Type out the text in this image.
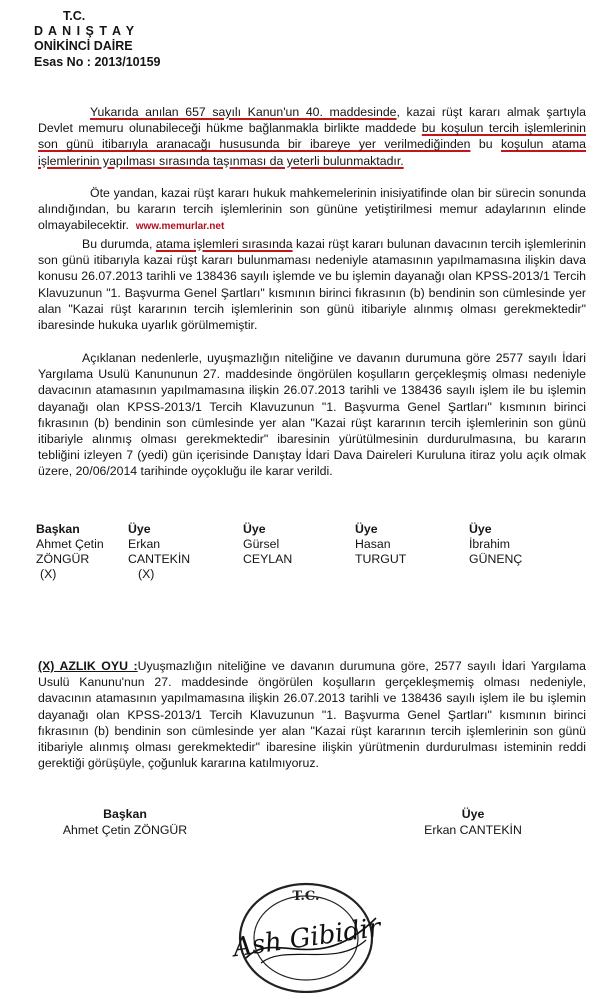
T.C.
D A N I Ş T A Y
ONİKİNCİ DAİRE
Esas No : 2013/10159

Yukarıda anılan 657 sayılı Kanun'un 40. maddesinde, kazai rüşt kararı almak şartıyla Devlet memuru olunabileceği hükme bağlanmakla birlikte maddede bu koşulun tercih işlemlerinin son günü itibarıyla aranacağı hususunda bir ibareye yer verilmediğinden bu koşulun atama işlemlerinin yapılması sırasında taşınması da yeterli bulunmaktadır.

Öte yandan, kazai rüşt kararı hukuk mahkemelerinin inisiyatifinde olan bir sürecin sonunda alındığından, bu kararın tercih işlemlerinin son gününe yetiştirilmesi memur adaylarının elinde olmayabilecektir. www.memurlar.net

Bu durumda, atama işlemleri sırasında kazai rüşt kararı bulunan davacının tercih işlemlerinin son günü itibarıyla kazai rüşt kararı bulunmaması nedeniyle atamasının yapılmamasına ilişkin dava konusu 26.07.2013 tarihli ve 138436 sayılı işlemde ve bu işlemin dayanağı olan KPSS-2013/1 Tercih Klavuzunun "1. Başvurma Genel Şartları" kısmının birinci fıkrasının (b) bendinin son cümlesinde yer alan "Kazai rüşt kararının tercih işlemlerinin son günü itibariyle alınmış olması gerekmektedir" ibaresinde hukuka uyarlık görülmemiştir.

Açıklanan nedenlerle, uyuşmazlığın niteliğine ve davanın durumuna göre 2577 sayılı İdari Yargılama Usulü Kanununun 27. maddesinde öngörülen koşulların gerçekleşmiş olması nedeniyle davacının atamasının yapılmamasına ilişkin 26.07.2013 tarihli ve 138436 sayılı işlem ile bu işlemin dayanağı olan KPSS-2013/1 Tercih Klavuzunun "1. Başvurma Genel Şartları" kısmının birinci fıkrasının (b) bendinin son cümlesinde yer alan "Kazai rüşt kararının tercih işlemlerinin son günü itibariyle alınmış olması gerekmektedir" ibaresinin yürütülmesinin durdurulmasına, bu kararın tebliğini izleyen 7 (yedi) gün içerisinde Danıştay İdari Dava Daireleri Kuruluna itiraz yolu açık olmak üzere, 20/06/2014 tarihinde oyçokluğu ile karar verildi.

Başkan
Ahmet Çetin
ZÖNGÜR
(X)
Üye
Erkan
CANTEKİN
(X)
Üye
Gürsel
CEYLAN
Üye
Hasan
TURGUT
Üye
İbrahim
GÜNENÇ

(X) AZLIK OYU :Uyuşmazlığın niteliğine ve davanın durumuna göre, 2577 sayılı İdari Yargılama Usulü Kanunu'nun 27. maddesinde öngörülen koşulların gerçekleşmemiş olması nedeniyle, davacının atamasının yapılmamasına ilişkin 26.07.2013 tarihli ve 138436 sayılı işlem ile bu işlemin dayanağı olan KPSS-2013/1 Tercih Klavuzunun "1. Başvurma Genel Şartları" kısmının birinci fıkrasının (b) bendinin son cümlesinde yer alan "Kazai rüşt kararının tercih işlemlerinin son günü itibariyle alınmış olması gerekmektedir" ibaresine ilişkin yürütmenin durdurulması isteminin reddi gerektiği görüşüyle, çoğunluk kararına katılmıyoruz.

Başkan
Ahmet Çetin ZÖNGÜR
Üye
Erkan CANTEKİN
T.C.
Ash Gibidir
